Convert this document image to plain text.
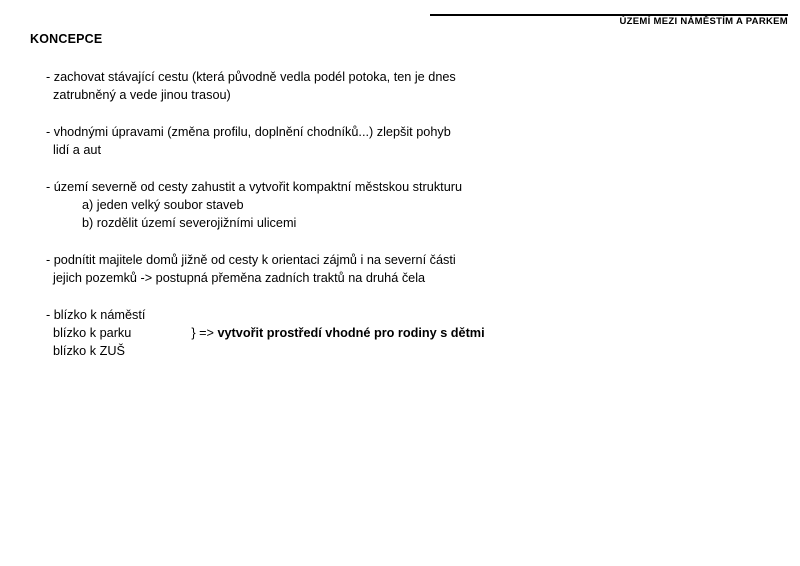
ÚZEMÍ MEZI NÁMĚSTÍM A PARKEM
KONCEPCE
- zachovat stávající cestu (která původně vedla podél potoka, ten je dnes
zatrubněný a vede jinou trasou)
- vhodnými úpravami (změna profilu, doplnění chodníků...) zlepšit pohyb
lidí a aut
- území severně od cesty zahustit a vytvořit kompaktní městskou strukturu
a) jeden velký soubor staveb
b) rozdělit území severojižními ulicemi
- podnítit majitele domů jižně od cesty k orientaci zájmů i na severní části
jejich pozemků -> postupná přeměna zadních traktů na druhá čela
- blízko k náměstí
blízko k parku	} => vytvořit prostředí vhodné pro rodiny s dětmi
blízko k ZUŠ
